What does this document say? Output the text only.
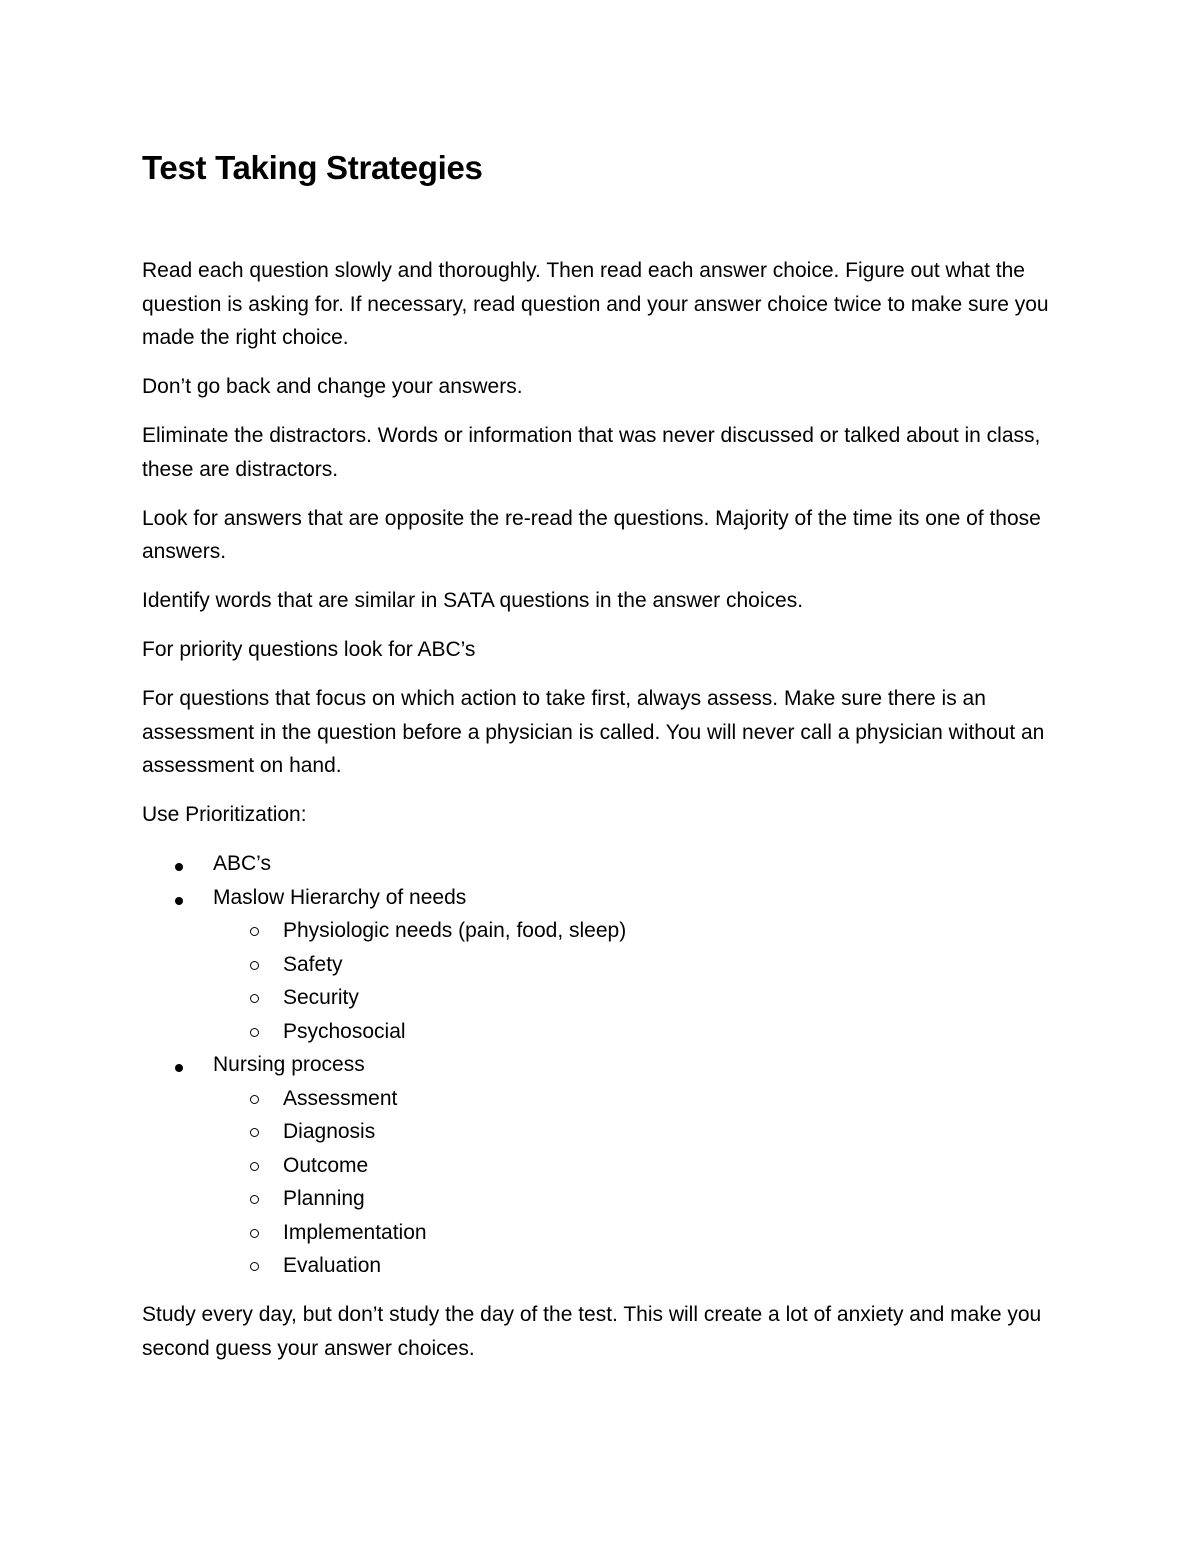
Test Taking Strategies

Read each question slowly and thoroughly. Then read each answer choice. Figure out what the question is asking for. If necessary, read question and your answer choice twice to make sure you made the right choice.

Don’t go back and change your answers.

Eliminate the distractors. Words or information that was never discussed or talked about in class, these are distractors.

Look for answers that are opposite the re-read the questions. Majority of the time its one of those answers.

Identify words that are similar in SATA questions in the answer choices.

For priority questions look for ABC’s

For questions that focus on which action to take first, always assess. Make sure there is an assessment in the question before a physician is called. You will never call a physician without an assessment on hand.

Use Prioritization:

ABC’s
Maslow Hierarchy of needs
Physiologic needs (pain, food, sleep)
Safety
Security
Psychosocial
Nursing process
Assessment
Diagnosis
Outcome
Planning
Implementation
Evaluation

Study every day, but don’t study the day of the test. This will create a lot of anxiety and make you second guess your answer choices.
